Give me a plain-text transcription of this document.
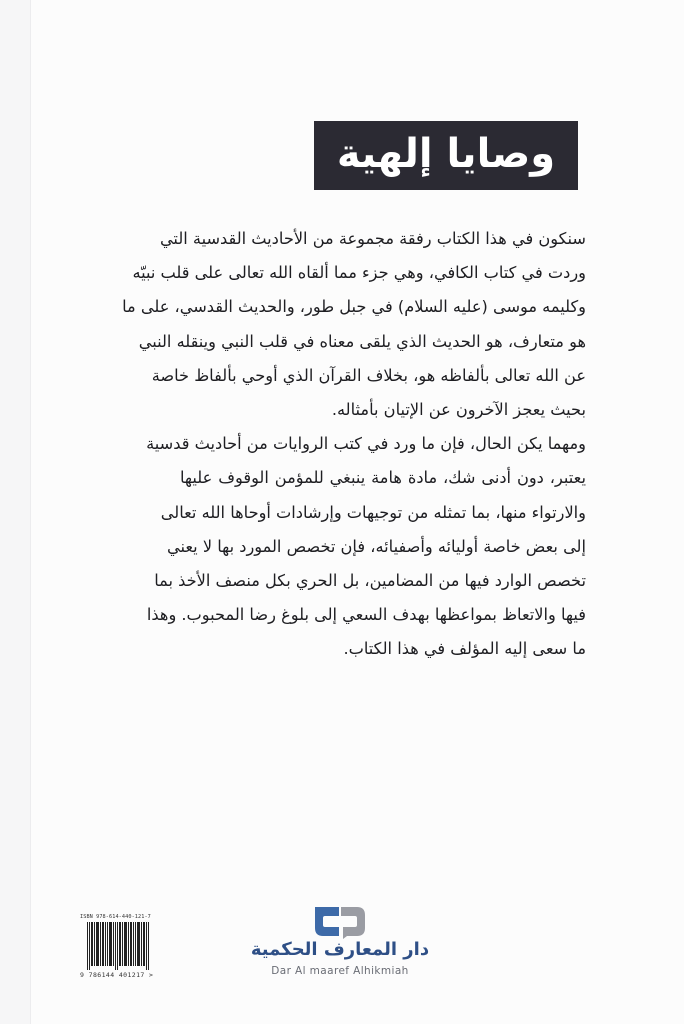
وصايا إلهية
سنكون في هذا الكتاب رفقة مجموعة من الأحاديث القدسية التي
وردت في كتاب الكافي، وهي جزء مما ألقاه الله تعالى على قلب نبيّه
وكليمه موسى (عليه السلام) في جبل طور، والحديث القدسي، على ما
هو متعارف، هو الحديث الذي يلقى معناه في قلب النبي وينقله النبي
عن الله تعالى بألفاظه هو، بخلاف القرآن الذي أوحي بألفاظ خاصة
بحيث يعجز الآخرون عن الإتيان بأمثاله.
ومهما يكن الحال، فإن ما ورد في كتب الروايات من أحاديث قدسية
يعتبر، دون أدنى شك، مادة هامة ينبغي للمؤمن الوقوف عليها
والارتواء منها، بما تمثله من توجيهات وإرشادات أوحاها الله تعالى
إلى بعض خاصة أوليائه وأصفيائه، فإن تخصص المورد بها لا يعني
تخصص الوارد فيها من المضامين، بل الحري بكل منصف الأخذ بما
فيها والاتعاظ بمواعظها بهدف السعي إلى بلوغ رضا المحبوب. وهذا
ما سعى إليه المؤلف في هذا الكتاب.
ISBN 978-614-440-121-7
9 786144 401217 >
دار المعارف الحكمية
Dar Al maaref Alhikmiah
